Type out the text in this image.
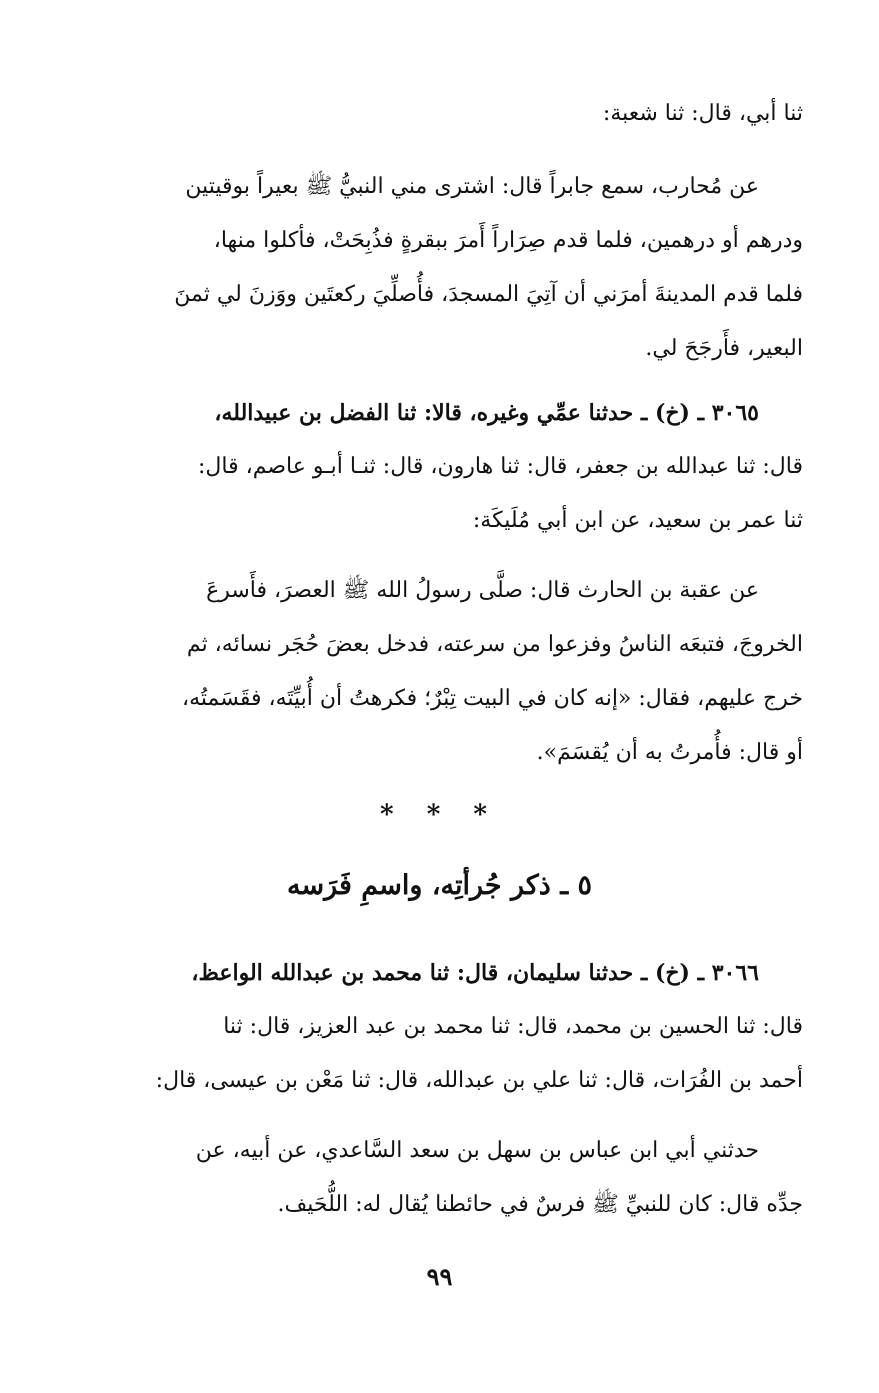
ثنا أبي، قال: ثنا شعبة:
عن مُحارب، سمع جابراً قال: اشترى مني النبيُّ ﷺ بعيراً بوقيتين
ودرهم أو درهمين، فلما قدم صِرَاراً أَمرَ ببقرةٍ فذُبِحَتْ، فأكلوا منها،
فلما قدم المدينةَ أمرَني أن آتِيَ المسجدَ، فأُصلِّيَ ركعتَين ووَزنَ لي ثمنَ
البعير، فأَرجَحَ لي.
٣٠٦٥ ـ (خ) ـ حدثنا عمِّي وغيره، قالا: ثنا الفضل بن عبيدالله،
قال: ثنا عبدالله بن جعفر، قال: ثنا هارون، قال: ثنـا أبـو عاصم، قال:
ثنا عمر بن سعيد، عن ابن أبي مُلَيكَة:
عن عقبة بن الحارث قال: صلَّى رسولُ الله ﷺ العصرَ، فأَسرعَ
الخروجَ، فتبعَه الناسُ وفزعوا من سرعته، فدخل بعضَ حُجَر نسائه، ثم
خرج عليهم، فقال: «إنه كان في البيت تِبْرٌ؛ فكرهتُ أن أُبيِّتَه، فقَسَمتُه،
أو قال: فأُمرتُ به أن يُقسَمَ».
* * *
٥ ـ ذكر جُرأتِه، واسمِ فَرَسه
٣٠٦٦ ـ (خ) ـ حدثنا سليمان، قال: ثنا محمد بن عبدالله الواعظ،
قال: ثنا الحسين بن محمد، قال: ثنا محمد بن عبد العزيز، قال: ثنا
أحمد بن الفُرَات، قال: ثنا علي بن عبدالله، قال: ثنا مَعْن بن عيسى، قال:
حدثني أبي ابن عباس بن سهل بن سعد السَّاعدي، عن أبيه، عن
جدِّه قال: كان للنبيِّ ﷺ فرسٌ في حائطنا يُقال له: اللُّحَيف.
٩٩
